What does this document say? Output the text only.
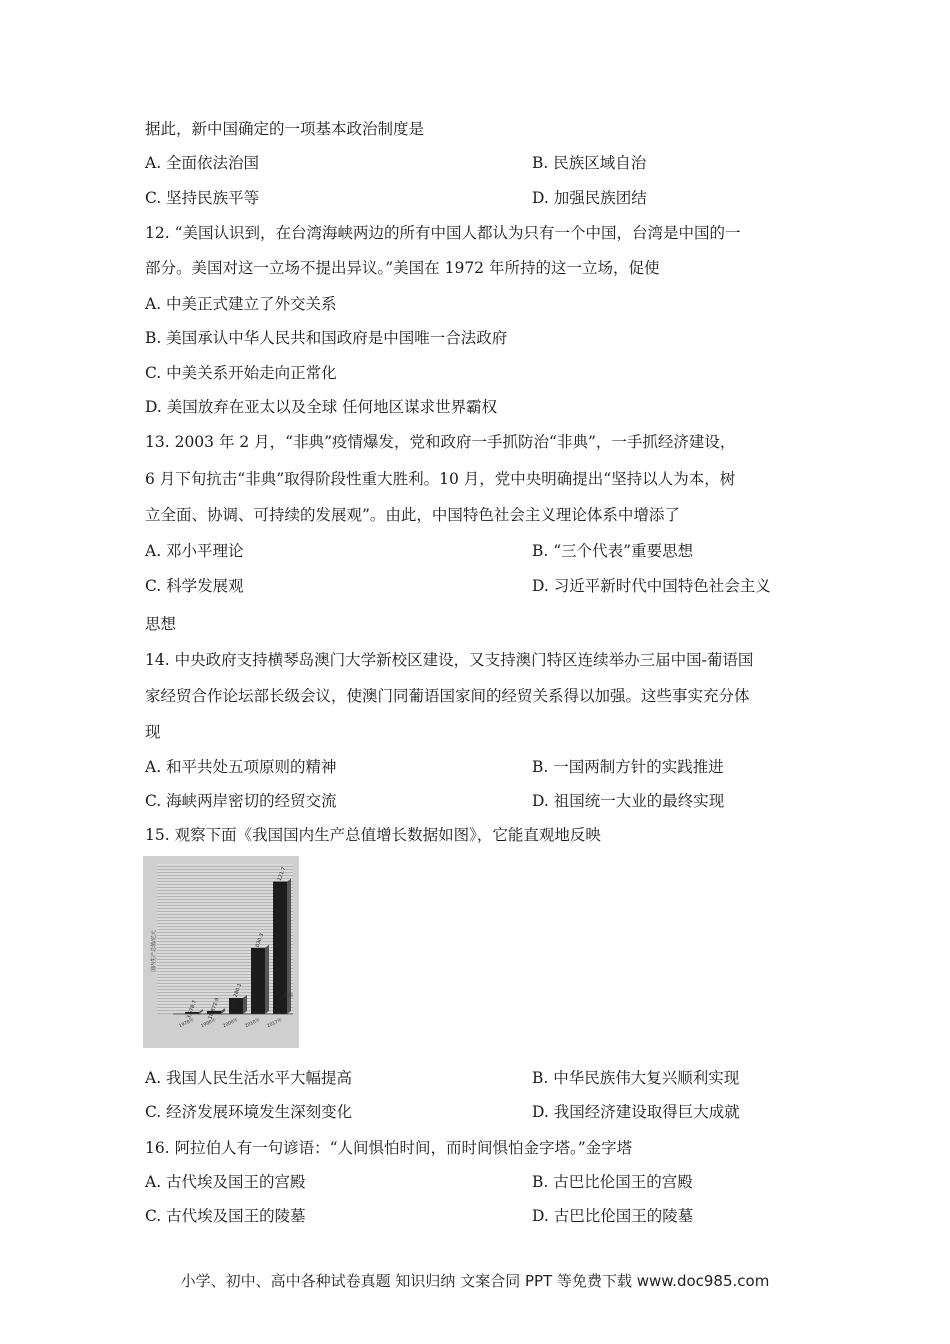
据此，新中国确定的一项基本政治制度是
A. 全面依法治国	B. 民族区域自治
C. 坚持民族平等	D. 加强民族团结
12. “美国认识到，在台湾海峡两边的所有中国人都认为只有一个中国，台湾是中国的一
部分。美国对这一立场不提出异议。”美国在 1972 年所持的这一立场，促使
A. 中美正式建立了外交关系
B. 美国承认中华人民共和国政府是中国唯一合法政府
C. 中美关系开始走向正常化
D. 美国放弃在亚太以及全球 任何地区谋求世界霸权
13. 2003 年 2 月，“非典”疫情爆发，党和政府一手抓防治“非典”，一手抓经济建设，
6 月下旬抗击“非典”取得阶段性重大胜利。10 月，党中央明确提出“坚持以人为本，树
立全面、协调、可持续的发展观”。由此，中国特色社会主义理论体系中增添了
A. 邓小平理论	B. “三个代表”重要思想
C. 科学发展观	D. 习近平新时代中国特色社会主义
思想
14. 中央政府支持横琴岛澳门大学新校区建设，又支持澳门特区连续举办三届中国-葡语国
家经贸合作论坛部长级会议，使澳门同葡语国家间的经贸关系得以加强。这些事实充分体
现
A. 和平共处五项原则的精神	B. 一国两制方针的实践推进
C. 海峡两岸密切的经贸交流	D. 祖国统一大业的最终实现
15. 观察下面《我国国内生产总值增长数据如图》，它能直观地反映
3,678.7
1978年
18,872.9
1990年
100,280.1
2000年
413,030.3
2010年
827,121.7
2017年
国内生产总值/亿元
数值
A. 我国人民生活水平大幅提高	B. 中华民族伟大复兴顺利实现
C. 经济发展环境发生深刻变化	D. 我国经济建设取得巨大成就
16. 阿拉伯人有一句谚语：“人间惧怕时间，而时间惧怕金字塔。”金字塔
A. 古代埃及国王的宫殿	B. 古巴比伦国王的宫殿
C. 古代埃及国王的陵墓	D. 古巴比伦国王的陵墓
小学、初中、高中各种试卷真题 知识归纳 文案合同 PPT 等免费下载 www.doc985.com
